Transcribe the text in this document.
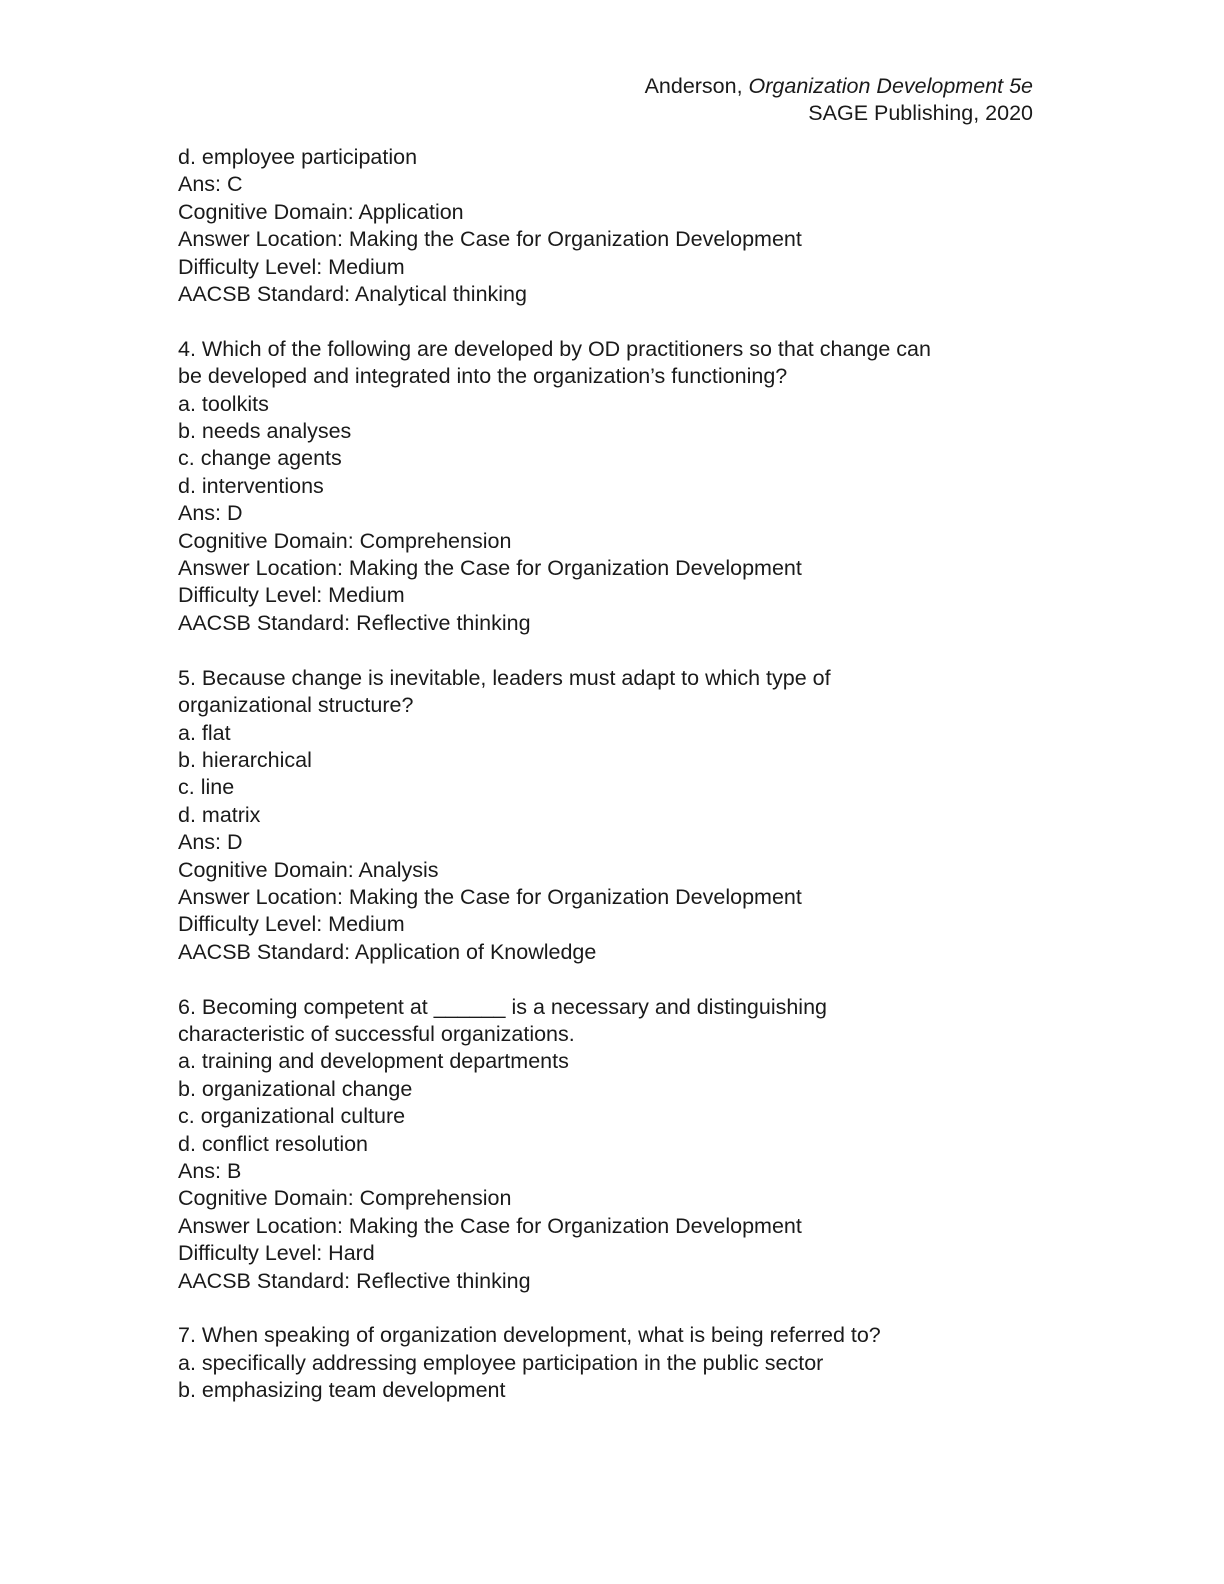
Anderson, Organization Development 5e
SAGE Publishing, 2020
d. employee participation
Ans: C
Cognitive Domain: Application
Answer Location: Making the Case for Organization Development
Difficulty Level: Medium
AACSB Standard: Analytical thinking
4. Which of the following are developed by OD practitioners so that change can
be developed and integrated into the organization’s functioning?
a. toolkits
b. needs analyses
c. change agents
d. interventions
Ans: D
Cognitive Domain: Comprehension
Answer Location: Making the Case for Organization Development
Difficulty Level: Medium
AACSB Standard: Reflective thinking
5. Because change is inevitable, leaders must adapt to which type of
organizational structure?
a. flat
b. hierarchical
c. line
d. matrix
Ans: D
Cognitive Domain: Analysis
Answer Location: Making the Case for Organization Development
Difficulty Level: Medium
AACSB Standard: Application of Knowledge
6. Becoming competent at ______ is a necessary and distinguishing
characteristic of successful organizations.
a. training and development departments
b. organizational change
c. organizational culture
d. conflict resolution
Ans: B
Cognitive Domain: Comprehension
Answer Location: Making the Case for Organization Development
Difficulty Level: Hard
AACSB Standard: Reflective thinking
7. When speaking of organization development, what is being referred to?
a. specifically addressing employee participation in the public sector
b. emphasizing team development
